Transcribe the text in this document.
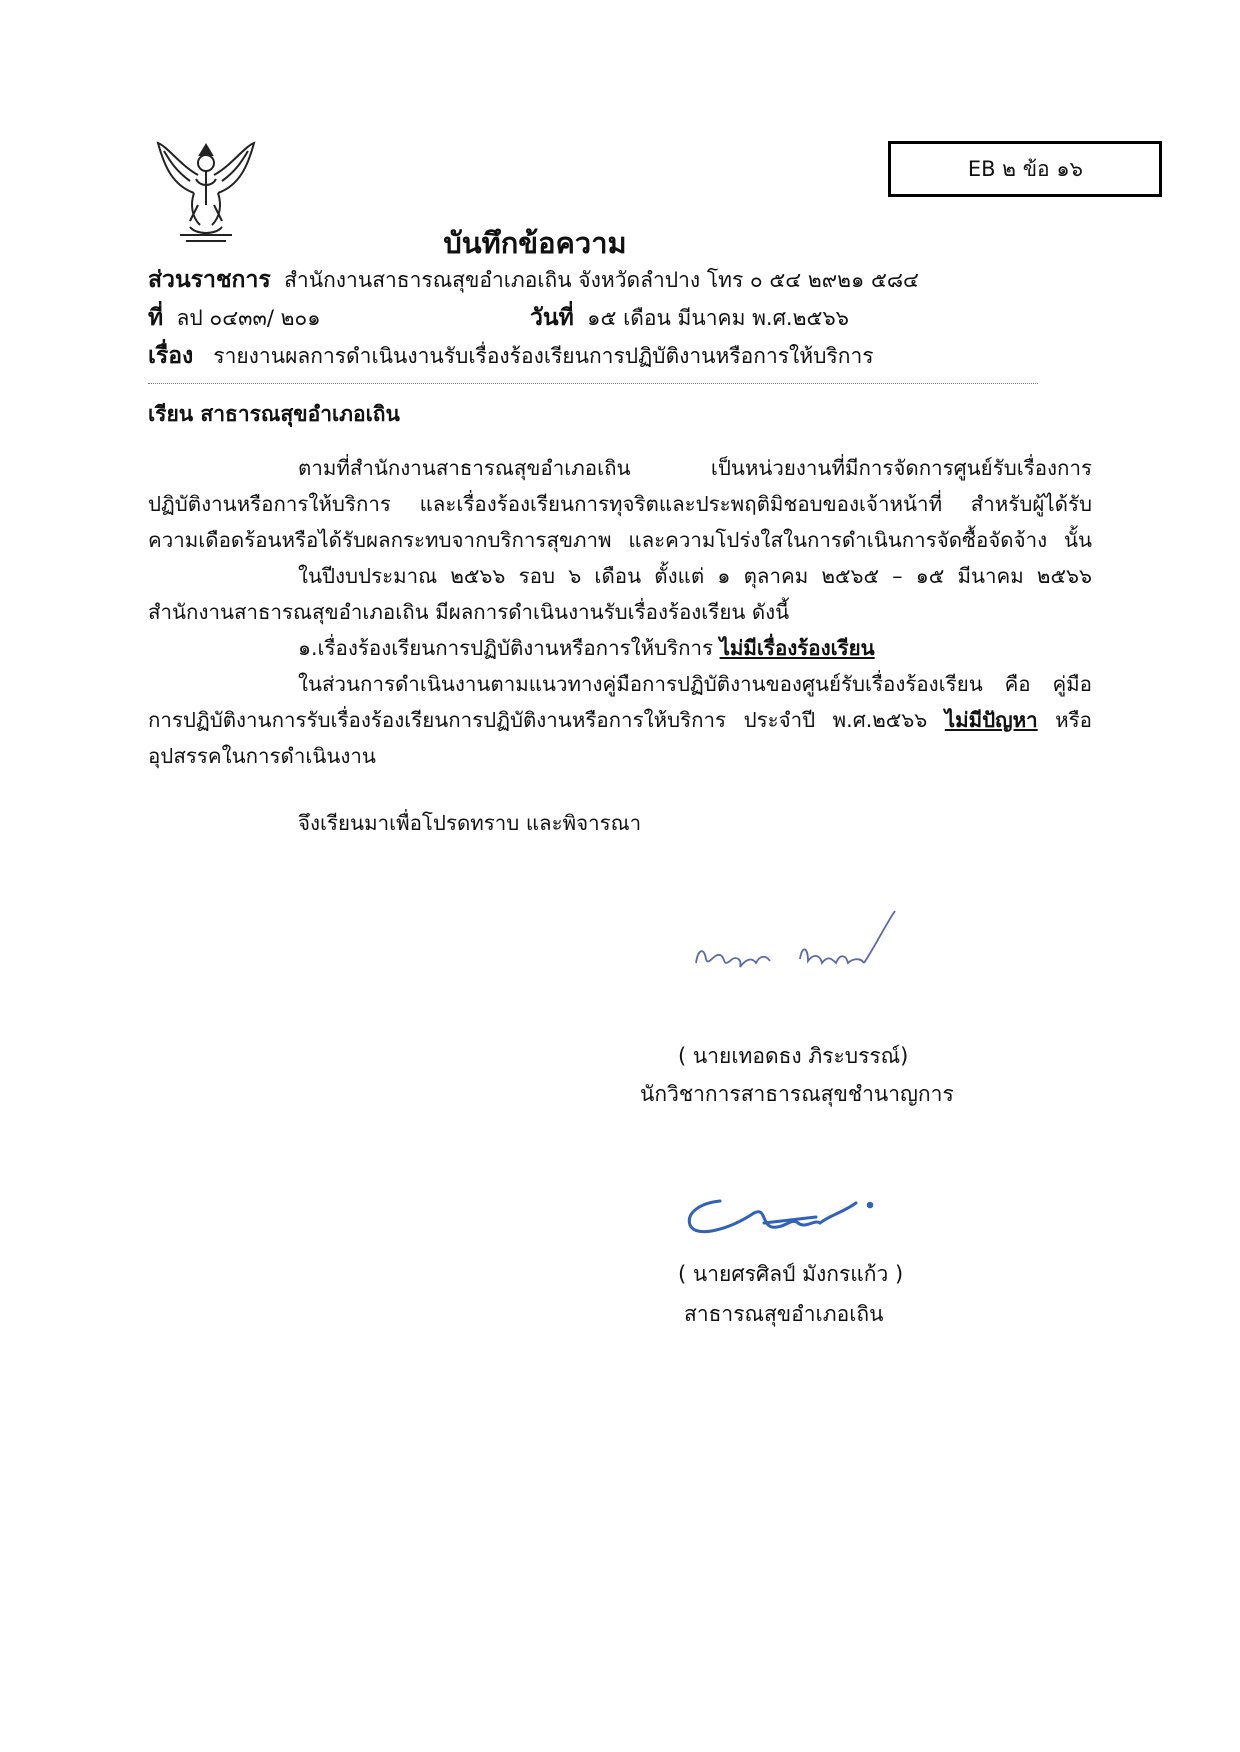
EB ๒ ข้อ ๑๖
บันทึกข้อความ
ส่วนราชการ สำนักงานสาธารณสุขอำเภอเถิน จังหวัดลำปาง โทร ๐ ๕๔ ๒๙๒๑ ๕๘๔
ที่ ลป ๐๔๓๓/ ๒๐๑	วันที่ ๑๕ เดือน มีนาคม พ.ศ.๒๕๖๖
เรื่อง รายงานผลการดำเนินงานรับเรื่องร้องเรียนการปฏิบัติงานหรือการให้บริการ
เรียน สาธารณสุขอำเภอเถิน
ตามที่สำนักงานสาธารณสุขอำเภอเถิน เป็นหน่วยงานที่มีการจัดการศูนย์รับเรื่องการ
ปฏิบัติงานหรือการให้บริการ และเรื่องร้องเรียนการทุจริตและประพฤติมิชอบของเจ้าหน้าที่ สำหรับผู้ได้รับ
ความเดือดร้อนหรือได้รับผลกระทบจากบริการสุขภาพ และความโปร่งใสในการดำเนินการจัดซื้อจัดจ้าง นั้น
ในปีงบประมาณ ๒๕๖๖ รอบ ๖ เดือน ตั้งแต่ ๑ ตุลาคม ๒๕๖๕ – ๑๕ มีนาคม ๒๕๖๖
สำนักงานสาธารณสุขอำเภอเถิน มีผลการดำเนินงานรับเรื่องร้องเรียน ดังนี้
๑.เรื่องร้องเรียนการปฏิบัติงานหรือการให้บริการ ไม่มีเรื่องร้องเรียน
ในส่วนการดำเนินงานตามแนวทางคู่มือการปฏิบัติงานของศูนย์รับเรื่องร้องเรียน คือ คู่มือ
การปฏิบัติงานการรับเรื่องร้องเรียนการปฏิบัติงานหรือการให้บริการ ประจำปี พ.ศ.๒๕๖๖ ไม่มีปัญหา หรือ
อุปสรรคในการดำเนินงาน
จึงเรียนมาเพื่อโปรดทราบ และพิจารณา
( นายเทอดธง ภิระบรรณ์)
นักวิชาการสาธารณสุขชำนาญการ
( นายศรศิลป์ มังกรแก้ว )
สาธารณสุขอำเภอเถิน
